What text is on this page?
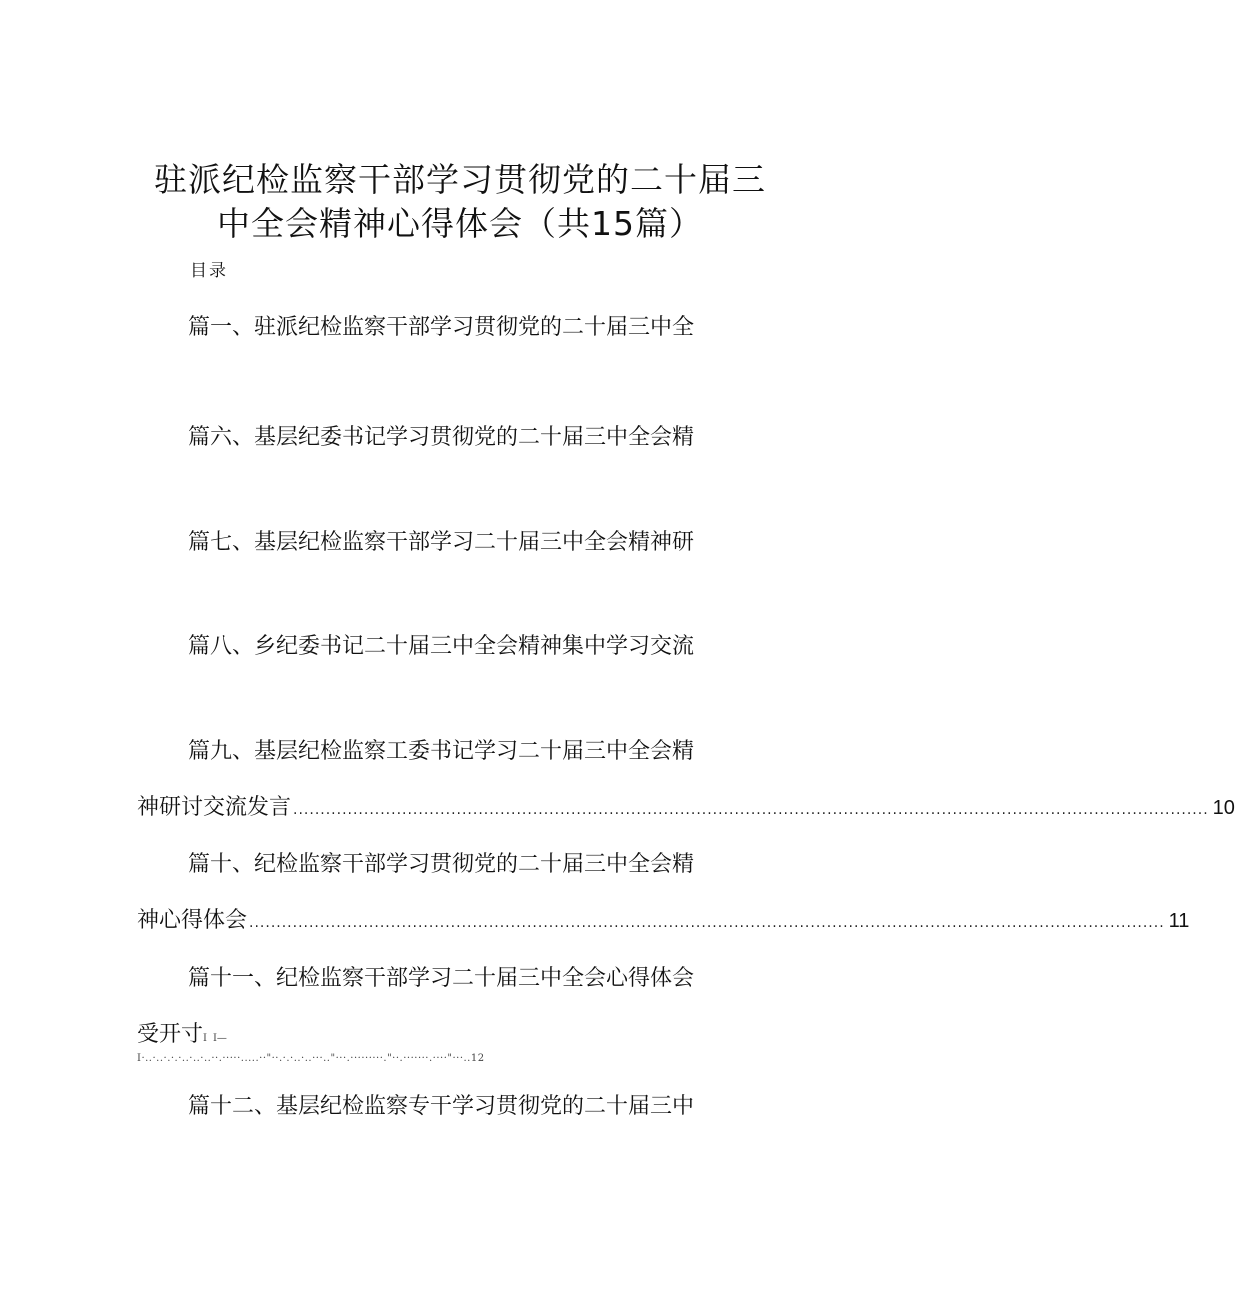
驻派纪检监察干部学习贯彻党的二十届三
中全会精神心得体会（共15篇）
目录
篇一、驻派纪检监察干部学习贯彻党的二十届三中全
篇六、基层纪委书记学习贯彻党的二十届三中全会精
篇七、基层纪检监察干部学习二十届三中全会精神研
篇八、乡纪委书记二十届三中全会精神集中学习交流
篇九、基层纪检监察工委书记学习二十届三中全会精
神研讨交流发言 ........................................................................................................................................................................ 10
篇十、纪检监察干部学习贯彻党的二十届三中全会精
神心得体会 ........................................................................................................................................................................ 11
篇十一、纪检监察干部学习二十届三中全会心得体会
受开寸I I—
I·..·..·.·.·..·..·..··.·····.....··"··.·.·..·..···.."···.·········."··.·······.····"···..12
篇十二、基层纪检监察专干学习贯彻党的二十届三中
